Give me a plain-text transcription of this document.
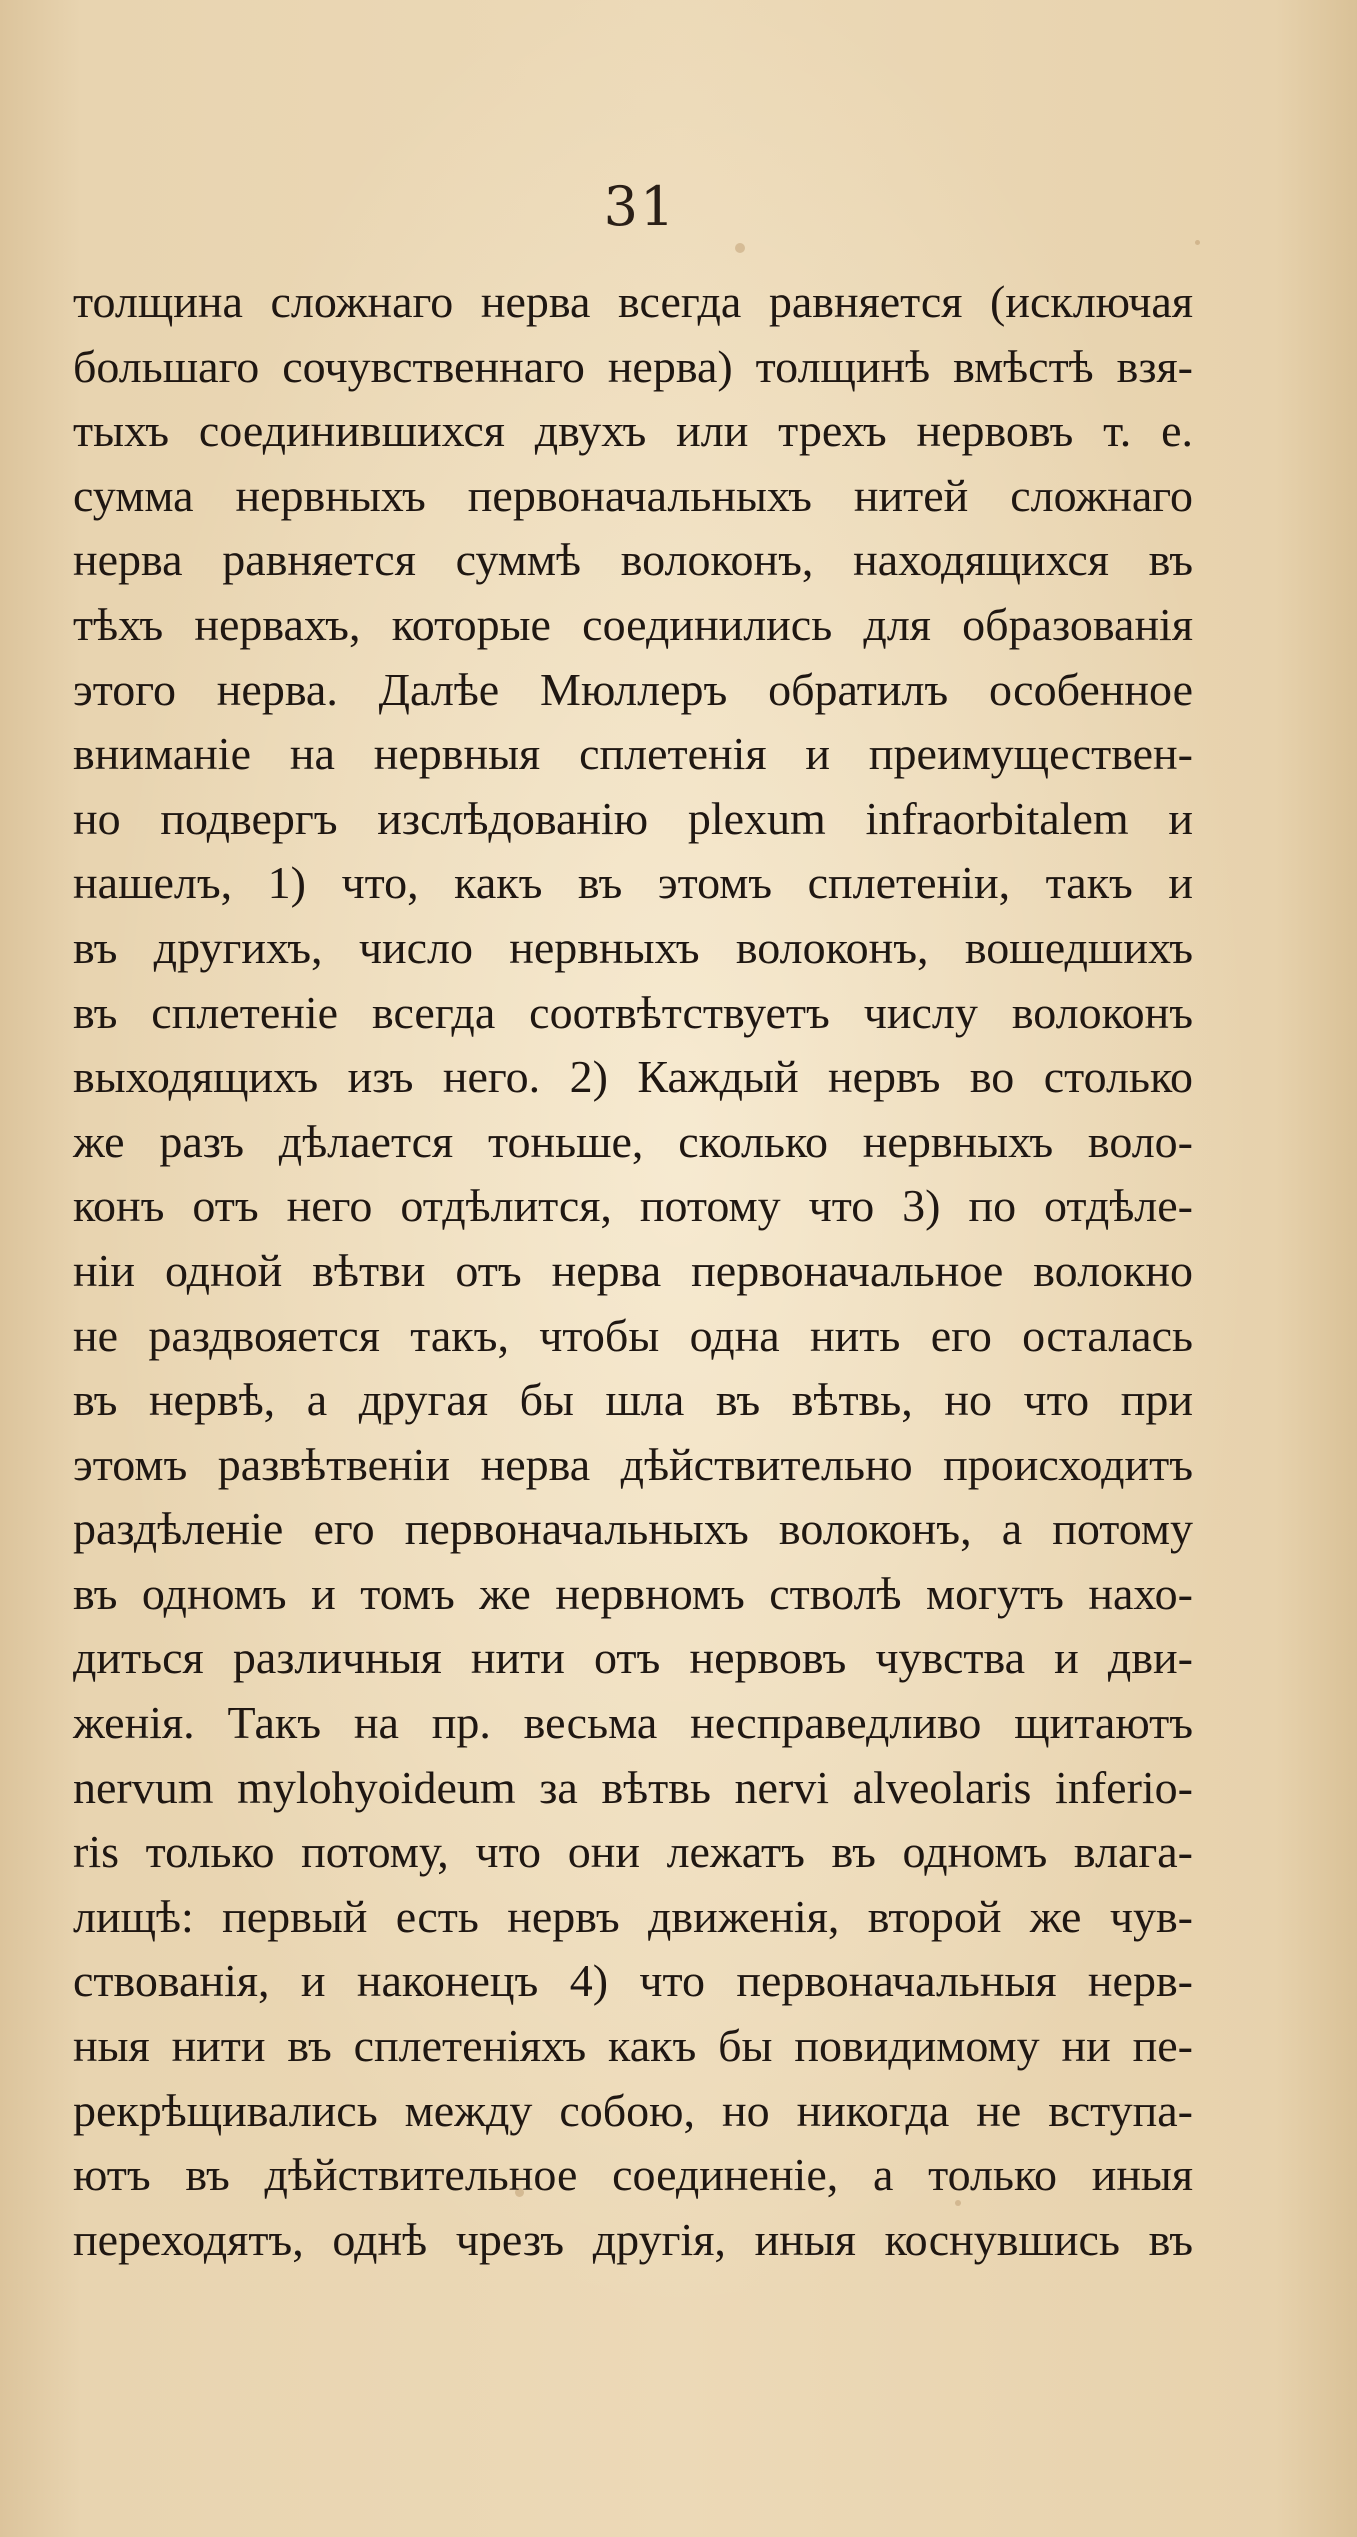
31
толщина сложнаго нерва всегда равняется (исключая
большаго сочувственнаго нерва) толщинѣ вмѣстѣ взя-
тыхъ соединившихся двухъ или трехъ нервовъ т. е.
сумма нервныхъ первоначальныхъ нитей сложнаго
нерва равняется суммѣ волоконъ, находящихся въ
тѣхъ нервахъ, которые соединились для образованія
этого нерва. Далѣе Мюллеръ обратилъ особенное
вниманіе на нервныя сплетенія и преимуществен-
но подвергъ изслѣдованію plexum infraorbitalem и
нашелъ, 1) что, какъ въ этомъ сплетеніи, такъ и
въ другихъ, число нервныхъ волоконъ, вошедшихъ
въ сплетеніе всегда соотвѣтствуетъ числу волоконъ
выходящихъ изъ него. 2) Каждый нервъ во столько
же разъ дѣлается тоньше, сколько нервныхъ воло-
конъ отъ него отдѣлится, потому что 3) по отдѣле-
ніи одной вѣтви отъ нерва первоначальное волокно
не раздвояется такъ, чтобы одна нить его осталась
въ нервѣ, а другая бы шла въ вѣтвь, но что при
этомъ развѣтвеніи нерва дѣйствительно происходитъ
раздѣленіе его первоначальныхъ волоконъ, а потому
въ одномъ и томъ же нервномъ стволѣ могутъ нахо-
диться различныя нити отъ нервовъ чувства и дви-
женія. Такъ на пр. весьма несправедливо щитаютъ
nervum mylohyoideum за вѣтвь nervi alveolaris inferio-
ris только потому, что они лежатъ въ одномъ влага-
лищѣ: первый есть нервъ движенія, второй же чув-
ствованія, и наконецъ 4) что первоначальныя нерв-
ныя нити въ сплетеніяхъ какъ бы повидимому ни пе-
рекрѣщивались между собою, но никогда не вступа-
ютъ въ дѣйствительное соединеніе, а только иныя
переходятъ, однѣ чрезъ другія, иныя коснувшись въ
